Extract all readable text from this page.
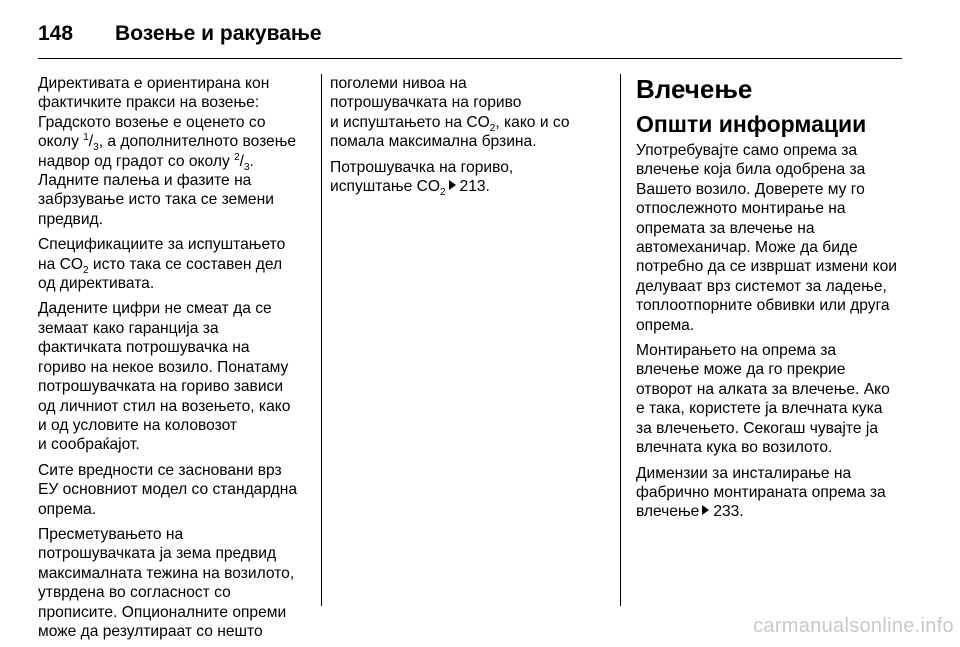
148 Возење и ракување
Директивата е ориентирана кон
фактичките пракси на возење:
Градското возење е оценето со
околу $^1/_3$, а дополнителното возење
надвор од градот со околу $^2/_3$.
Ладните палења и фазите на
забрзување исто така се земени
предвид.
Спецификациите за испуштањето
на $CO_2$ исто така се составен дел
од директивата.
Дадените цифри не смеат да се
земаат како гаранција за
фактичката потрошувачка на
гориво на некое возило. Понатаму
потрошувачката на гориво зависи
од личниот стил на возењето, како
и од условите на коловозот
и сообраќајот.
Сите вредности се засновани врз
ЕУ основниот модел со стандардна
опрема.
Пресметувањето на
потрошувачката ја зема предвид
максималната тежина на возилото,
утврдена во согласност со
прописите. Опционалните опреми
може да резултираат со нешто
поголеми нивоа на
потрошувачката на гориво
и испуштањето на $CO_2$, како и со
помала максимална брзина.
Потрошувачка на гориво,
испуштање $CO_2$ 213.
Влечење
Општи информации
Употребувајте само опрема за
влечење која била одобрена за
Вашето возило. Доверете му го
отпослежното монтирање на
опремата за влечење на
автомеханичар. Може да биде
потребно да се извршат измени кои
делуваат врз системот за ладење,
топлоотпорните обвивки или друга
опрема.
Монтирањето на опрема за
влечење може да го прекрие
отворот на алката за влечење. Ако
е така, користете ја влечната кука
за влечењето. Секогаш чувајте ја
влечната кука во возилото.
Димензии за инсталирање на
фабрично монтираната опрема за
влечење 233.
carmanualsonline.info
